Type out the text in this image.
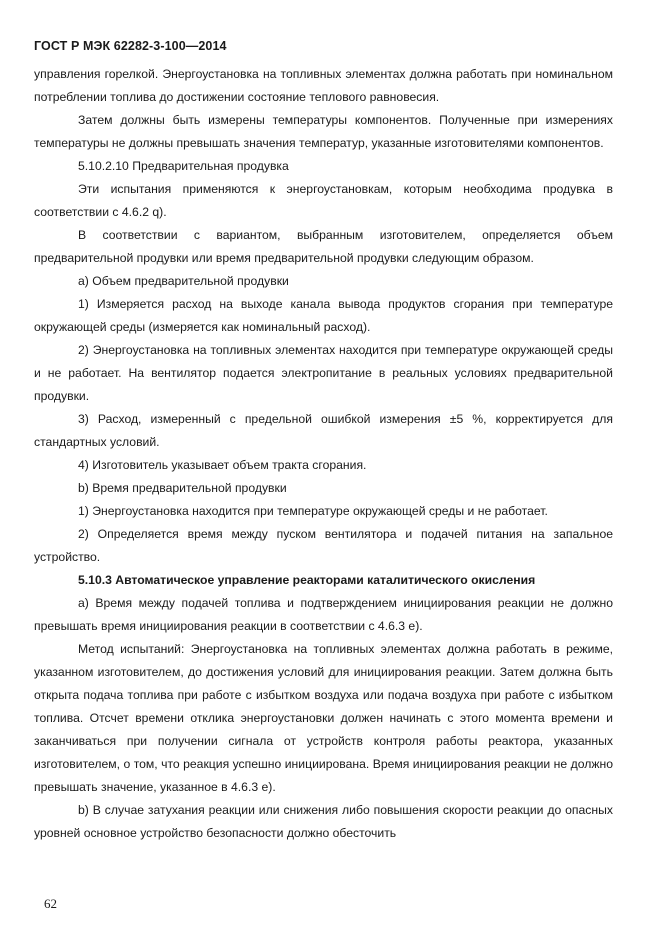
ГОСТ Р МЭК 62282-3-100—2014

управления горелкой. Энергоустановка на топливных элементах должна работать при номинальном потреблении топлива до достижении состояние теплового равновесия.

Затем должны быть измерены температуры компонентов. Полученные при измерениях температуры не должны превышать значения температур, указанные изготовителями компонентов.

5.10.2.10 Предварительная продувка

Эти испытания применяются к энергоустановкам, которым необходима продувка в соответствии с 4.6.2 q).

В соответствии с вариантом, выбранным изготовителем, определяется объем предварительной продувки или время предварительной продувки следующим образом.

а) Объем предварительной продувки

1) Измеряется расход на выходе канала вывода продуктов сгорания при температуре окружающей среды (измеряется как номинальный расход).

2) Энергоустановка на топливных элементах находится при температуре окружающей среды и не работает. На вентилятор подается электропитание в реальных условиях предварительной продувки.

3) Расход, измеренный с предельной ошибкой измерения ±5 %, корректируется для стандартных условий.

4) Изготовитель указывает объем тракта сгорания.

b) Время предварительной продувки

1) Энергоустановка находится при температуре окружающей среды и не работает.

2) Определяется время между пуском вентилятора и подачей питания на запальное устройство.

5.10.3 Автоматическое управление реакторами каталитического окисления

а) Время между подачей топлива и подтверждением инициирования реакции не должно превышать время инициирования реакции в соответствии с 4.6.3 е).

Метод испытаний: Энергоустановка на топливных элементах должна работать в режиме, указанном изготовителем, до достижения условий для инициирования реакции. Затем должна быть открыта подача топлива при работе с избытком воздуха или подача воздуха при работе с избытком топлива. Отсчет времени отклика энергоустановки должен начинать с этого момента времени и заканчиваться при получении сигнала от устройств контроля работы реактора, указанных изготовителем, о том, что реакция успешно инициирована. Время инициирования реакции не должно превышать значение, указанное в 4.6.3 е).

b) В случае затухания реакции или снижения либо повышения скорости реакции до опасных уровней основное устройство безопасности должно обесточить

62
